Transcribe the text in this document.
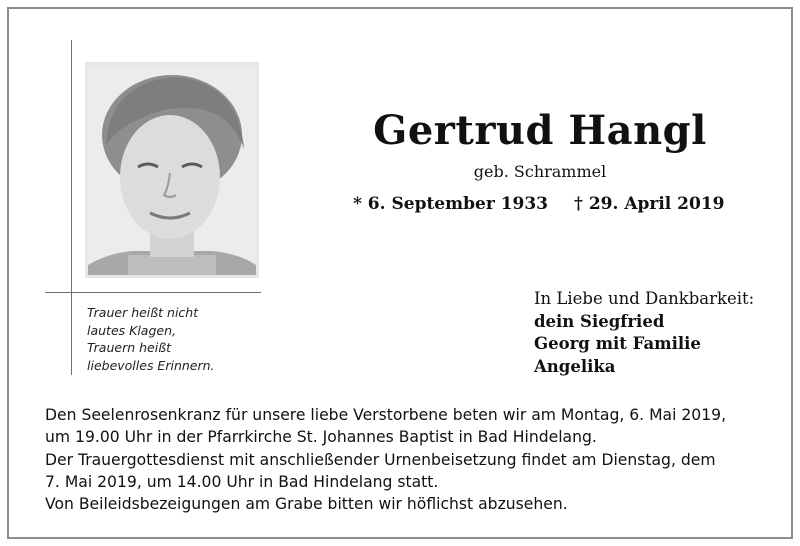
Trauer heißt nicht
lautes Klagen,
Trauern heißt
liebevolles Erinnern.
Gertrud Hangl
geb. Schrammel
* 6. September 1933 † 29. April 2019
In Liebe und Dankbarkeit:
dein Siegfried
Georg mit Familie
Angelika
Den Seelenrosenkranz für unsere liebe Verstorbene beten wir am Montag, 6. Mai 2019,
um 19.00 Uhr in der Pfarrkirche St. Johannes Baptist in Bad Hindelang.
Der Trauergottesdienst mit anschließender Urnenbeisetzung findet am Dienstag, dem
7. Mai 2019, um 14.00 Uhr in Bad Hindelang statt.
Von Beileidsbezeigungen am Grabe bitten wir höflichst abzusehen.
